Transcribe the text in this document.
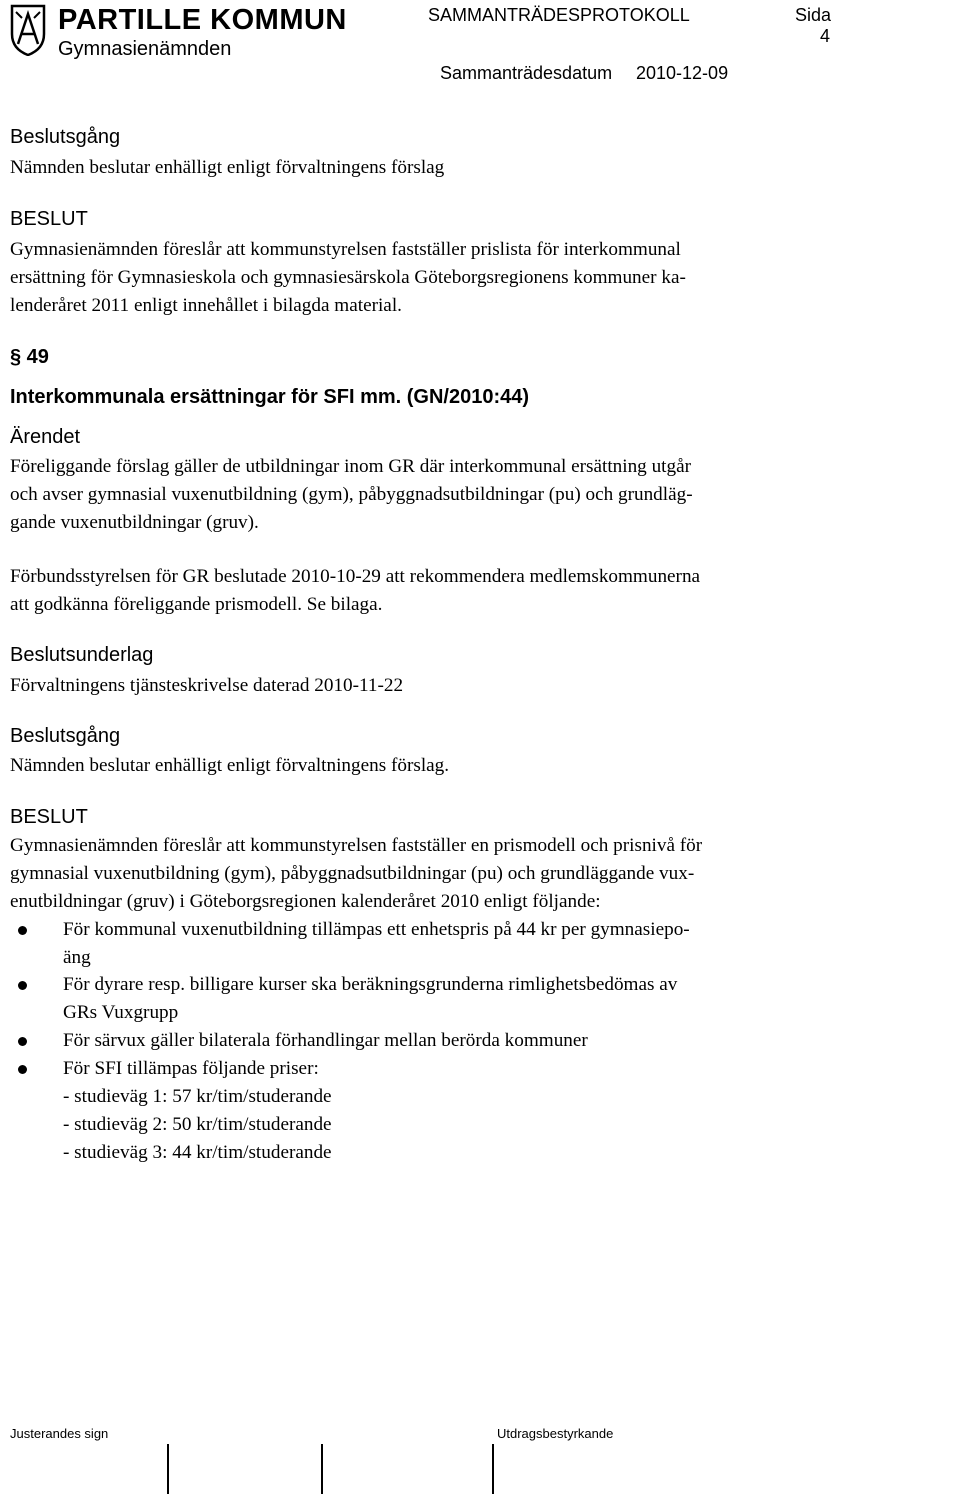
PARTILLE KOMMUN
Gymnasienämnden
SAMMANTRÄDESPROTOKOLL	Sida
4
Sammanträdesdatum 2010-12-09
Beslutsgång
Nämnden beslutar enhälligt enligt förvaltningens förslag
BESLUT
Gymnasienämnden föreslår att kommunstyrelsen fastställer prislista för interkommunal
ersättning för Gymnasieskola och gymnasiesärskola Göteborgsregionens kommuner ka-
lenderåret 2011 enligt innehållet i bilagda material.
§ 49
Interkommunala ersättningar för SFI mm. (GN/2010:44)
Ärendet
Föreliggande förslag gäller de utbildningar inom GR där interkommunal ersättning utgår
och avser gymnasial vuxenutbildning (gym), påbyggnadsutbildningar (pu) och grundläg-
gande vuxenutbildningar (gruv).
Förbundsstyrelsen för GR beslutade 2010-10-29 att rekommendera medlemskommunerna
att godkänna föreliggande prismodell. Se bilaga.
Beslutsunderlag
Förvaltningens tjänsteskrivelse daterad 2010-11-22
Beslutsgång
Nämnden beslutar enhälligt enligt förvaltningens förslag.
BESLUT
Gymnasienämnden föreslår att kommunstyrelsen fastställer en prismodell och prisnivå för
gymnasial vuxenutbildning (gym), påbyggnadsutbildningar (pu) och grundläggande vux-
enutbildningar (gruv) i Göteborgsregionen kalenderåret 2010 enligt följande:
För kommunal vuxenutbildning tillämpas ett enhetspris på 44 kr per gymnasiepo-
äng
För dyrare resp. billigare kurser ska beräkningsgrunderna rimlighetsbedömas av
GRs Vuxgrupp
För särvux gäller bilaterala förhandlingar mellan berörda kommuner
För SFI tillämpas följande priser:
- studieväg 1: 57 kr/tim/studerande
- studieväg 2: 50 kr/tim/studerande
- studieväg 3: 44 kr/tim/studerande
Justerandes sign	Utdragsbestyrkande
